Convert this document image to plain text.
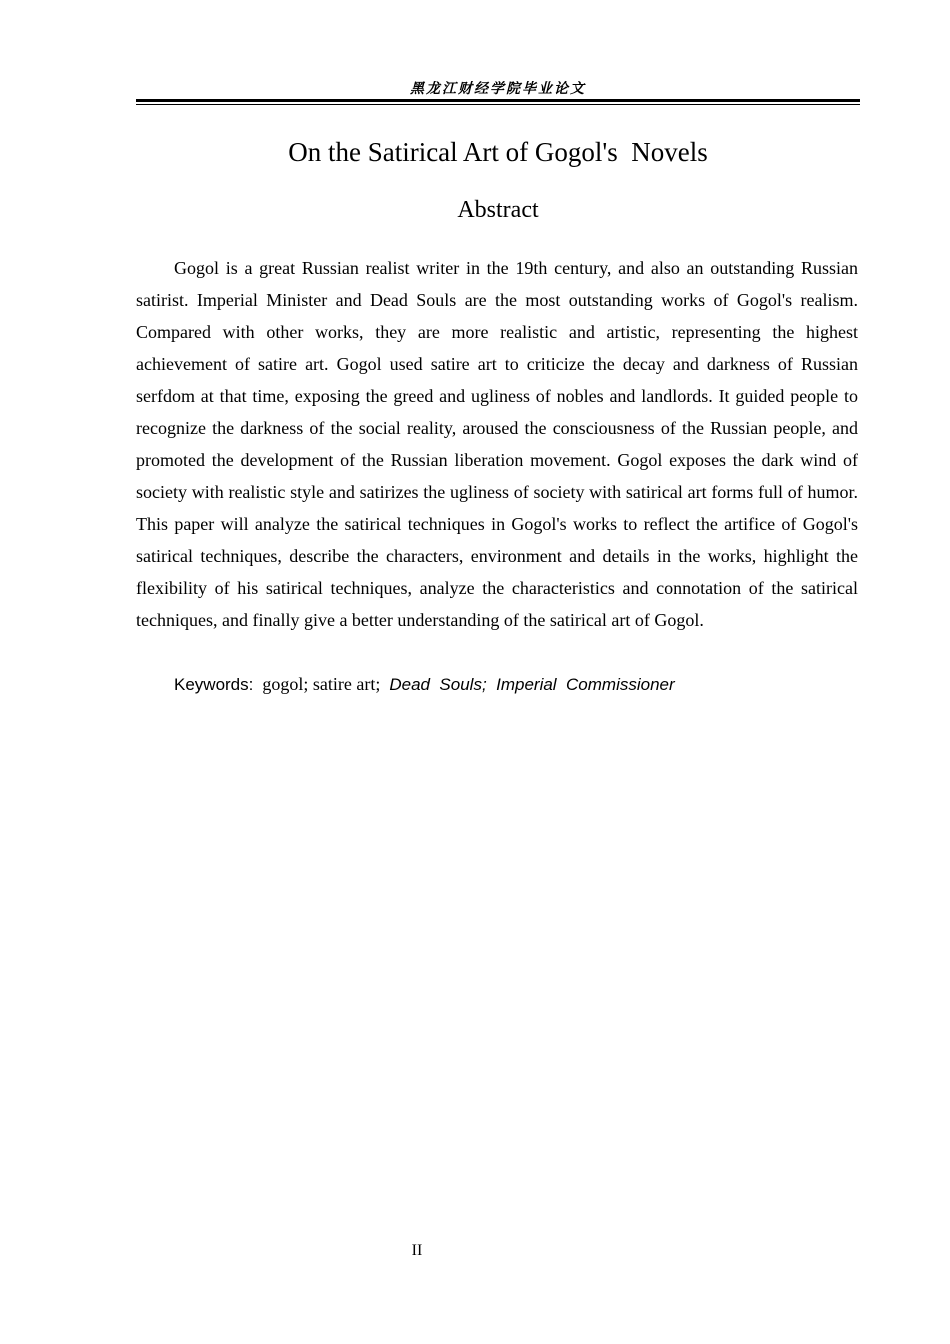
黑龙江财经学院毕业论文
On the Satirical Art of Gogol's  Novels
Abstract

Gogol is a great Russian realist writer in the 19th century, and also an outstanding Russian satirist. Imperial Minister and Dead Souls are the most outstanding works of Gogol's realism. Compared with other works, they are more realistic and artistic, representing the highest achievement of satire art. Gogol used satire art to criticize the decay and darkness of Russian serfdom at that time, exposing the greed and ugliness of nobles and landlords. It guided people to recognize the darkness of the social reality, aroused the consciousness of the Russian people, and promoted the development of the Russian liberation movement. Gogol exposes the dark wind of society with realistic style and satirizes the ugliness of society with satirical art forms full of humor. This paper will analyze the satirical techniques in Gogol's works to reflect the artifice of Gogol's satirical techniques, describe the characters, environment and details in the works, highlight the flexibility of his satirical techniques, analyze the characteristics and connotation of the satirical techniques, and finally give a better understanding of the satirical art of Gogol.

Keywords: gogol; satire art; Dead  Souls;  Imperial  Commissioner
II
